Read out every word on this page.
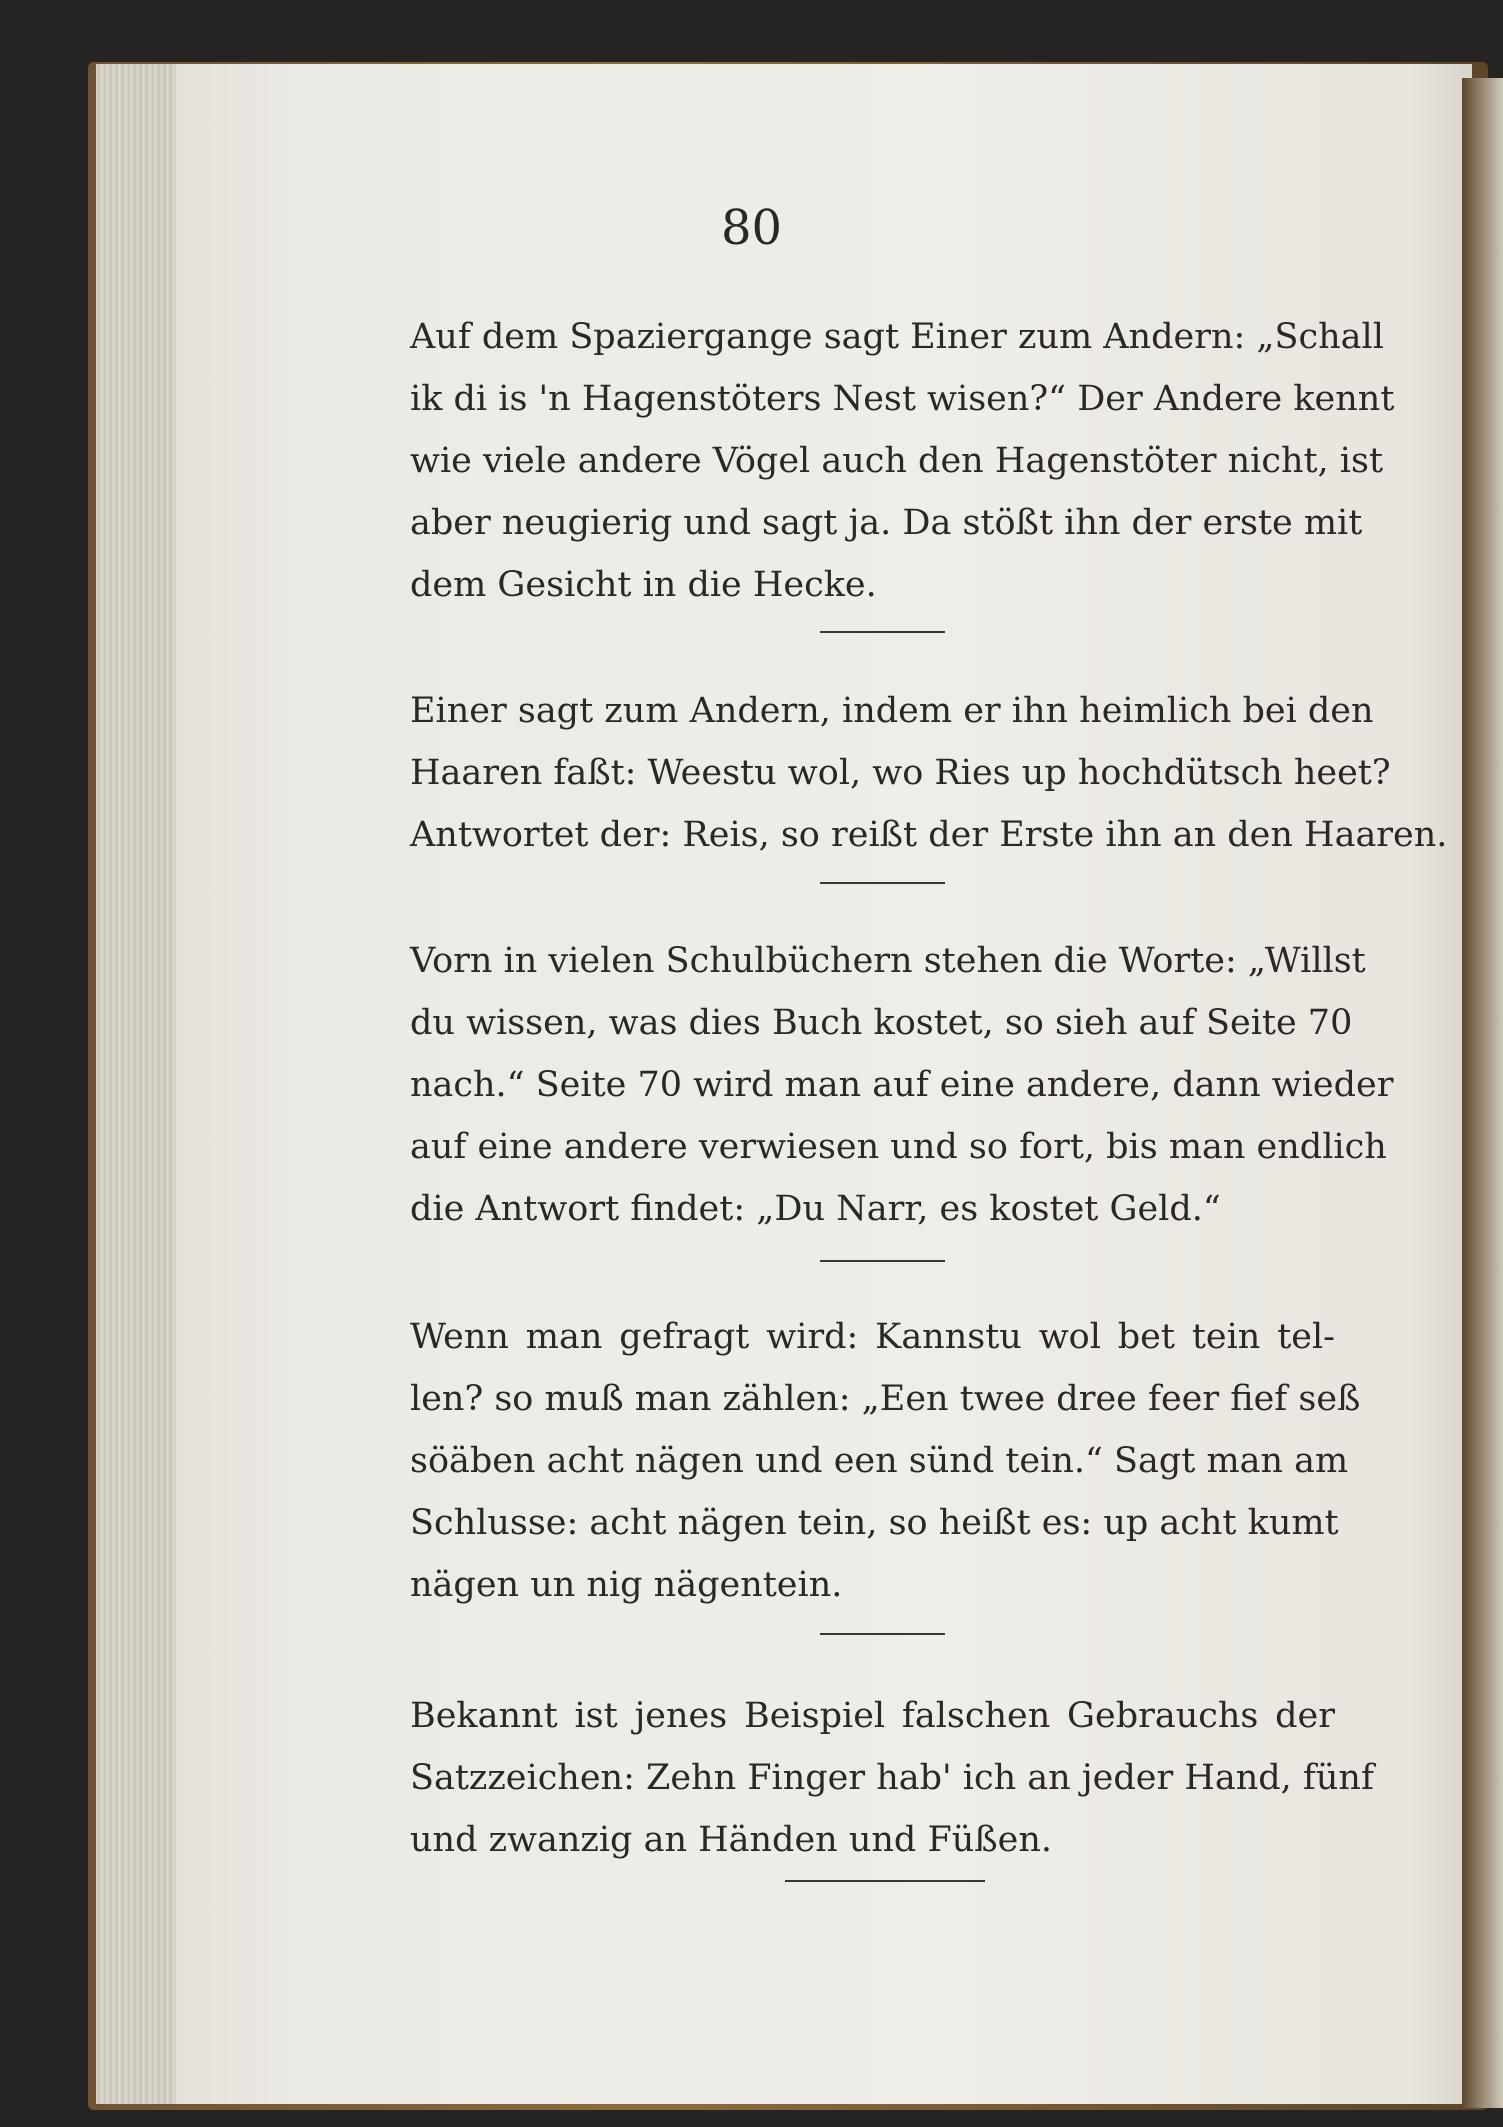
80

Auf dem Spaziergange sagt Einer zum Andern: „Schall
ik di is 'n Hagenstöters Nest wisen?“ Der Andere kennt
wie viele andere Vögel auch den Hagenstöter nicht, ist
aber neugierig und sagt ja. Da stößt ihn der erste mit
dem Gesicht in die Hecke.

Einer sagt zum Andern, indem er ihn heimlich bei den
Haaren faßt: Weestu wol, wo Ries up hochdütsch heet?
Antwortet der: Reis, so reißt der Erste ihn an den Haaren.

Vorn in vielen Schulbüchern stehen die Worte: „Willst
du wissen, was dies Buch kostet, so sieh auf Seite 70
nach.“ Seite 70 wird man auf eine andere, dann wieder
auf eine andere verwiesen und so fort, bis man endlich
die Antwort findet: „Du Narr, es kostet Geld.“

Wenn man gefragt wird: Kannstu wol bet tein tel-
len? so muß man zählen: „Een twee dree feer fief seß
söäben acht nägen und een sünd tein.“ Sagt man am
Schlusse: acht nägen tein, so heißt es: up acht kumt
nägen un nig nägentein.

Bekannt ist jenes Beispiel falschen Gebrauchs der
Satzzeichen: Zehn Finger hab' ich an jeder Hand, fünf
und zwanzig an Händen und Füßen.
